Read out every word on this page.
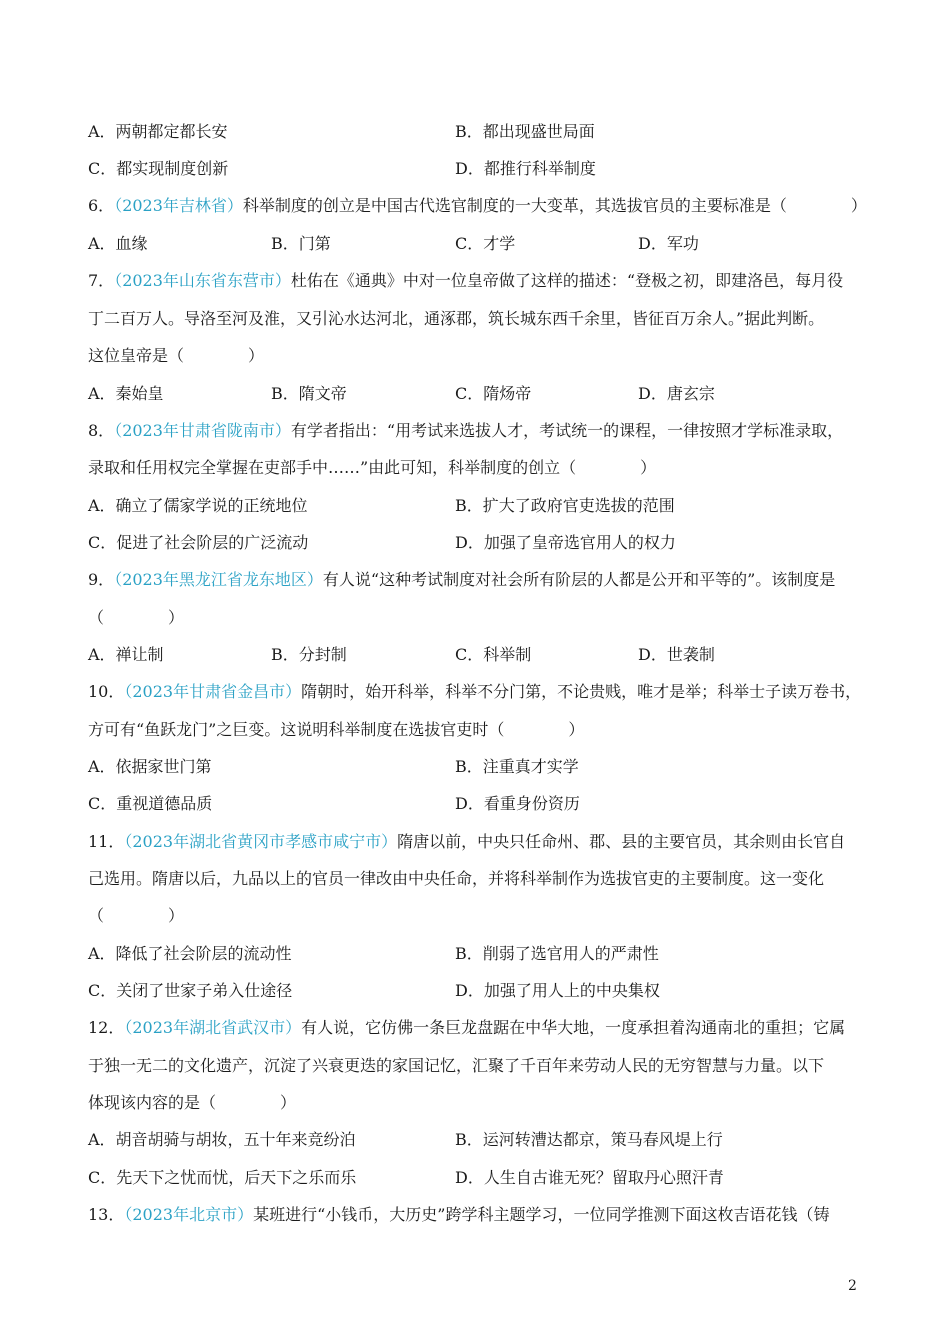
A．两朝都定都长安	B．都出现盛世局面
C．都实现制度创新	D．都推行科举制度
6．（2023年吉林省）科举制度的创立是中国古代选官制度的一大变革，其选拔官员的主要标准是（　　　　）
A．血缘	B．门第	C．才学	D．军功
7．（2023年山东省东营市）杜佑在《通典》中对一位皇帝做了这样的描述：“登极之初，即建洛邑，每月役
丁二百万人。导洛至河及淮，又引沁水达河北，通涿郡，筑长城东西千余里，皆征百万余人。”据此判断。
这位皇帝是（　　　　）
A．秦始皇	B．隋文帝	C．隋炀帝	D．唐玄宗
8．（2023年甘肃省陇南市）有学者指出：“用考试来选拔人才，考试统一的课程，一律按照才学标准录取，
录取和任用权完全掌握在吏部手中……”由此可知，科举制度的创立（　　　　）
A．确立了儒家学说的正统地位	B．扩大了政府官吏选拔的范围
C．促进了社会阶层的广泛流动	D．加强了皇帝选官用人的权力
9．（2023年黑龙江省龙东地区）有人说“这种考试制度对社会所有阶层的人都是公开和平等的”。该制度是
（　　　　）
A．禅让制	B．分封制	C．科举制	D．世袭制
10．（2023年甘肃省金昌市）隋朝时，始开科举，科举不分门第，不论贵贱，唯才是举；科举士子读万卷书，
方可有“鱼跃龙门”之巨变。这说明科举制度在选拔官吏时（　　　　）
A．依据家世门第	B．注重真才实学
C．重视道德品质	D．看重身份资历
11．（2023年湖北省黄冈市孝感市咸宁市）隋唐以前，中央只任命州、郡、县的主要官员，其余则由长官自
己选用。隋唐以后，九品以上的官员一律改由中央任命，并将科举制作为选拔官吏的主要制度。这一变化
（　　　　）
A．降低了社会阶层的流动性	B．削弱了选官用人的严肃性
C．关闭了世家子弟入仕途径	D．加强了用人上的中央集权
12．（2023年湖北省武汉市）有人说，它仿佛一条巨龙盘踞在中华大地，一度承担着沟通南北的重担；它属
于独一无二的文化遗产，沉淀了兴衰更迭的家国记忆，汇聚了千百年来劳动人民的无穷智慧与力量。以下
体现该内容的是（　　　　）
A．胡音胡骑与胡妆，五十年来竞纷泊	B．运河转漕达都京，策马春风堤上行
C．先天下之忧而忧，后天下之乐而乐	D．人生自古谁无死？留取丹心照汗青
13．（2023年北京市）某班进行“小钱币，大历史”跨学科主题学习，一位同学推测下面这枚吉语花钱（铸
2
